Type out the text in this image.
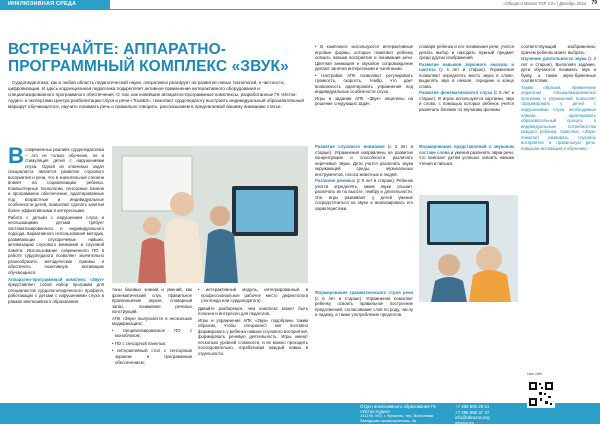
ИНКЛЮЗИВНАЯ СРЕДА	«Общая и Малая ТОР 2.0» | Декабрь 2024 79
ВСТРЕЧАЙТЕ: АППАРАТНО-ПРОГРАММНЫЙ КОМПЛЕКС «ЗВУК»

Сурдопедагогика, как и любая область педагогической науки, оперативно реагирует на развитие новых технологий, в частности, цифровизации. И здесь коррекционная педагогика подкрепляет активное применение интерактивного оборудования и специализированного программного обеспечения. О том, как новейшие аппаратно-программные комплексы, разработанные ГК «Исток-Аудио» и экспертами Центра реабилитации слуха и речи «ТохаБЗ», помогают сурдопедагогу выстроить индивидуальный образовательный маршрут обучающегося, научить понимать речь и правильно говорить, рассказываем в предлагаемой вашему вниманию статье.

В современных реалиях сурдопедагогика – это не только обучение, но и стимуляция детей с нарушениями слуха. Одной из ключевых задач специалиста является развитие слухового восприятия и речи, что в значительной степени влияет на социализацию ребенка. Компьютерные технологии, сенсорные панели и программное обеспечение, адаптированные под возрастные и индивидуальные особенности детей, позволяют сделать занятия более эффективными и интересными.

Работа с детьми с нарушением слуха и неслышащими детьми требует систематизированного и индивидуального подхода, вариативного использования методик, развивающих слухоречевые навыки, активизацию слухового внимания и слуховой памяти. Использование современного ПО в работе сурдопедагога позволяет значительно разнообразить методические приемы и обеспечить позитивную мотивацию обучающихся.

Аппаратно-программный комплекс «Звук» представляет собой набор программ для специалистов сурдологопедического профиля, работающих с детьми с нарушениями слуха в рамках инклюзивного образования.

тоны базовых знаний и умений, как фонематический слух, правильное произношение звуков, словарный запас, понимание речевых конструкций.

АПК «Звук» выпускается в нескольких модификациях:

• специализированное ПО с моноблоком;

• ПО с сенсорной панелью;

• интерактивный стол с сенсорным экраном и программным обеспечением;

• интерактивный модуль, интегрированный в профессиональное рабочее место дефектолога (логопеда или сурдопедагога).

Давайте разберемся, чем комплекс может быть полезен и интересен для педагогов.

Игры и упражнения АПК «Звук» подобраны таким образом, чтобы специалист мог поэтапно формировать у ребенка навыки слухового восприятия, формировать речевую деятельность. Игры имеют несколько уровней сложности, и их можно проходить последовательно, отрабатывая каждый навык в отдельности.

• В комплексе используются интерактивные игровые формы, которые помогают ребенку освоить навыки восприятия и понимания речи. Цветная анимация и звуковое сопровождение делают занятия интересными и понятными.

• Настройки АПК позволяют регулировать громкость, скорость, тембр, что дает возможность адаптировать упражнения под индивидуальные особенности слуха.

Игры в задании АПК «Звук» нацелены на решение следующих задач.

словаря ребенка и его понимания речи, учатся делать выбор и находить нужный предмет среди других изображений.

Развитие навыков звукового анализа и синтеза (с 4 лет и старше). Упражнения позволяют определять место звука в слове, выделять звук в начале, середине и конце слова.

Развитие фонематического слуха (с 5 лет и старше). В играх используются картинки, звук и слово, с помощью которых ребенок учится различать близкие по звучанию фонемы.

Развитие слухового внимания (с 3 лет и старше). Упражнения направлены на развитие концентрации и способности различать неречевые звуки. Дети учатся различать звуки окружающей среды, музыкальных инструментов, голоса животных и людей.

Различие речевых (с 5 лет и старше). Ребенок учится определять, какие звуки слышит, различать их по высоте, тембру и длительности. Эти игры развивают у детей умение сосредоточиться на звуке и анализировать его характеристики.

Формирование грамматического строя речи (с 6 лет и старше). Упражнения помогают ребенку освоить правильное построение предложений, согласование слов по роду, числу и падежу, а также употребление предлогов.

Формирование представлений о звуковом составе слова и умения различать звуки речи, что помогает детям успешно освоить навыки чтения и письма.

соответствующий изображению, причем ребенок может выбрать

Изучение длительности звука (с 2 лет и старше). Выполняя задание, дети обучаются понимать звук и букву, а также звуко-буквенные соответствия.

Таким образом, применение педагогом специализированных программ и упражнений позволяет сформировать у детей с нарушениями слуха необходимые навыки, адаптировать образовательный процесс к индивидуальным потребностям каждого ребенка. Комплекс «Звук» помогает развивать слуховое восприятие и правильную речь, повышая мотивацию к обучению.

Отдел инклюзивного образования ГК «Исток-Аудио»
141190, МО, г. Фрязино, тер. Восточная Заводская промышленная, 3а
+7 495 660 26 51
+7 495 660 37 37
info@obrazov.org
obrazov.org
Наш сайт
ИСТОК-АУДИО
